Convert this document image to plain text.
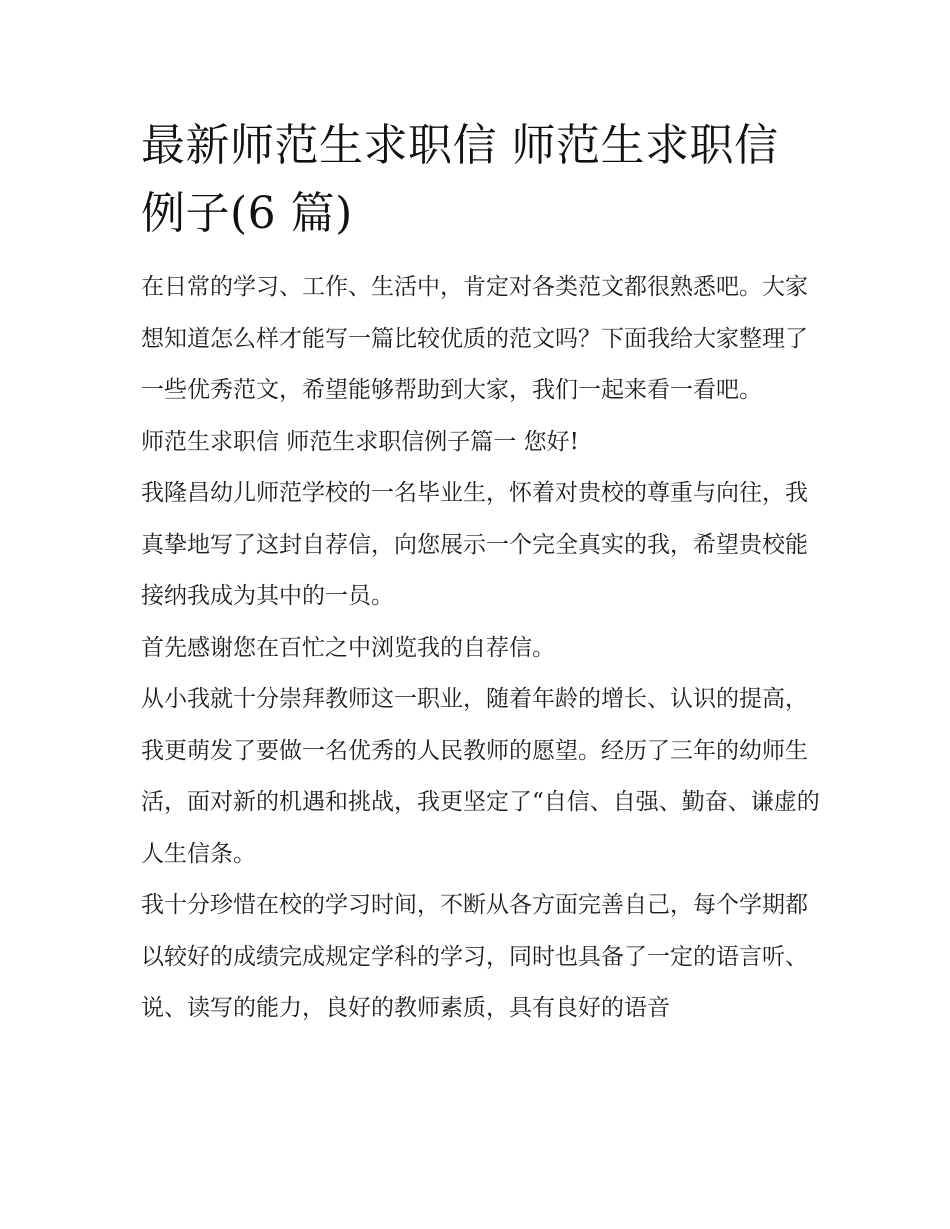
最新师范生求职信 师范生求职信例子(6 篇)

在日常的学习、工作、生活中，肯定对各类范文都很熟悉吧。大家想知道怎么样才能写一篇比较优质的范文吗？下面我给大家整理了一些优秀范文，希望能够帮助到大家，我们一起来看一看吧。

师范生求职信 师范生求职信例子篇一 您好!

我隆昌幼儿师范学校的一名毕业生，怀着对贵校的尊重与向往，我真挚地写了这封自荐信，向您展示一个完全真实的我，希望贵校能接纳我成为其中的一员。

首先感谢您在百忙之中浏览我的自荐信。

从小我就十分崇拜教师这一职业，随着年龄的增长、认识的提高，我更萌发了要做一名优秀的人民教师的愿望。经历了三年的幼师生活，面对新的机遇和挑战，我更坚定了“自信、自强、勤奋、谦虚的人生信条。

我十分珍惜在校的学习时间，不断从各方面完善自己，每个学期都以较好的成绩完成规定学科的学习，同时也具备了一定的语言听、说、读写的能力，良好的教师素质，具有良好的语音
